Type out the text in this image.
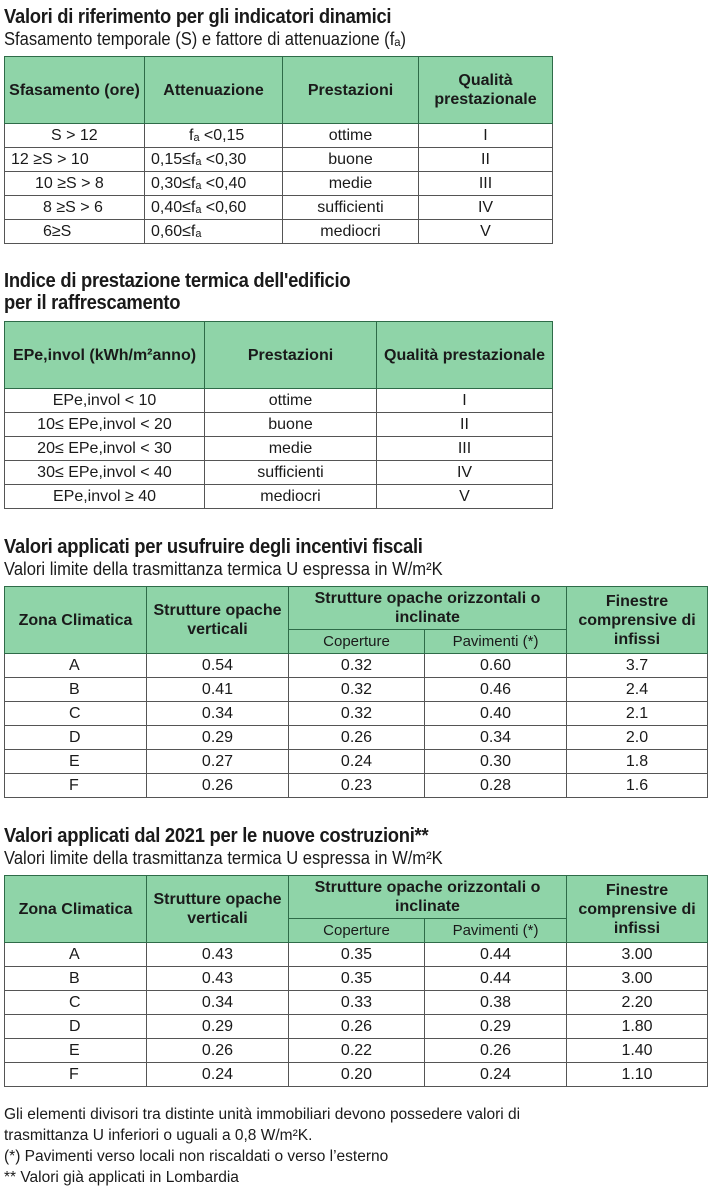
Valori di riferimento per gli indicatori dinamici

Sfasamento temporale (S) e fattore di attenuazione (fₐ)

Sfasamento (ore)	Attenuazione	Prestazioni	Qualità prestazionale
S > 12	fₐ <0,15	ottime	I
12 ≥S > 10	0,15≤fₐ <0,30	buone	II
10 ≥S > 8	0,30≤fₐ <0,40	medie	III
8 ≥S > 6	0,40≤fₐ <0,60	sufficienti	IV
6≥S	0,60≤fₐ	mediocri	V
Indice di prestazione termica dell'edificio
per il raffrescamento
EPe,invol (kWh/m²anno)	Prestazioni	Qualità prestazionale
EPe,invol < 10	ottime	I
10≤ EPe,invol < 20	buone	II
20≤ EPe,invol < 30	medie	III
30≤ EPe,invol < 40	sufficienti	IV
EPe,invol ≥ 40	mediocri	V
Valori applicati per usufruire degli incentivi fiscali

Valori limite della trasmittanza termica U espressa in W/m²K

Zona Climatica	Strutture opache verticali	Strutture opache orizzontali o inclinate		Finestre comprensive di infissi
		Coperture	Pavimenti (*)	
A	0.54	0.32	0.60	3.7
B	0.41	0.32	0.46	2.4
C	0.34	0.32	0.40	2.1
D	0.29	0.26	0.34	2.0
E	0.27	0.24	0.30	1.8
F	0.26	0.23	0.28	1.6
Valori applicati dal 2021 per le nuove costruzioni**

Valori limite della trasmittanza termica U espressa in W/m²K

Zona Climatica	Strutture opache verticali	Strutture opache orizzontali o inclinate		Finestre comprensive di infissi
		Coperture	Pavimenti (*)	
A	0.43	0.35	0.44	3.00
B	0.43	0.35	0.44	3.00
C	0.34	0.33	0.38	2.20
D	0.29	0.26	0.29	1.80
E	0.26	0.22	0.26	1.40
F	0.24	0.20	0.24	1.10

Gli elementi divisori tra distinte unità immobiliari devono possedere valori di

trasmittanza U inferiori o uguali a 0,8 W/m²K.

(*) Pavimenti verso locali non riscaldati o verso l’esterno

** Valori già applicati in Lombardia
